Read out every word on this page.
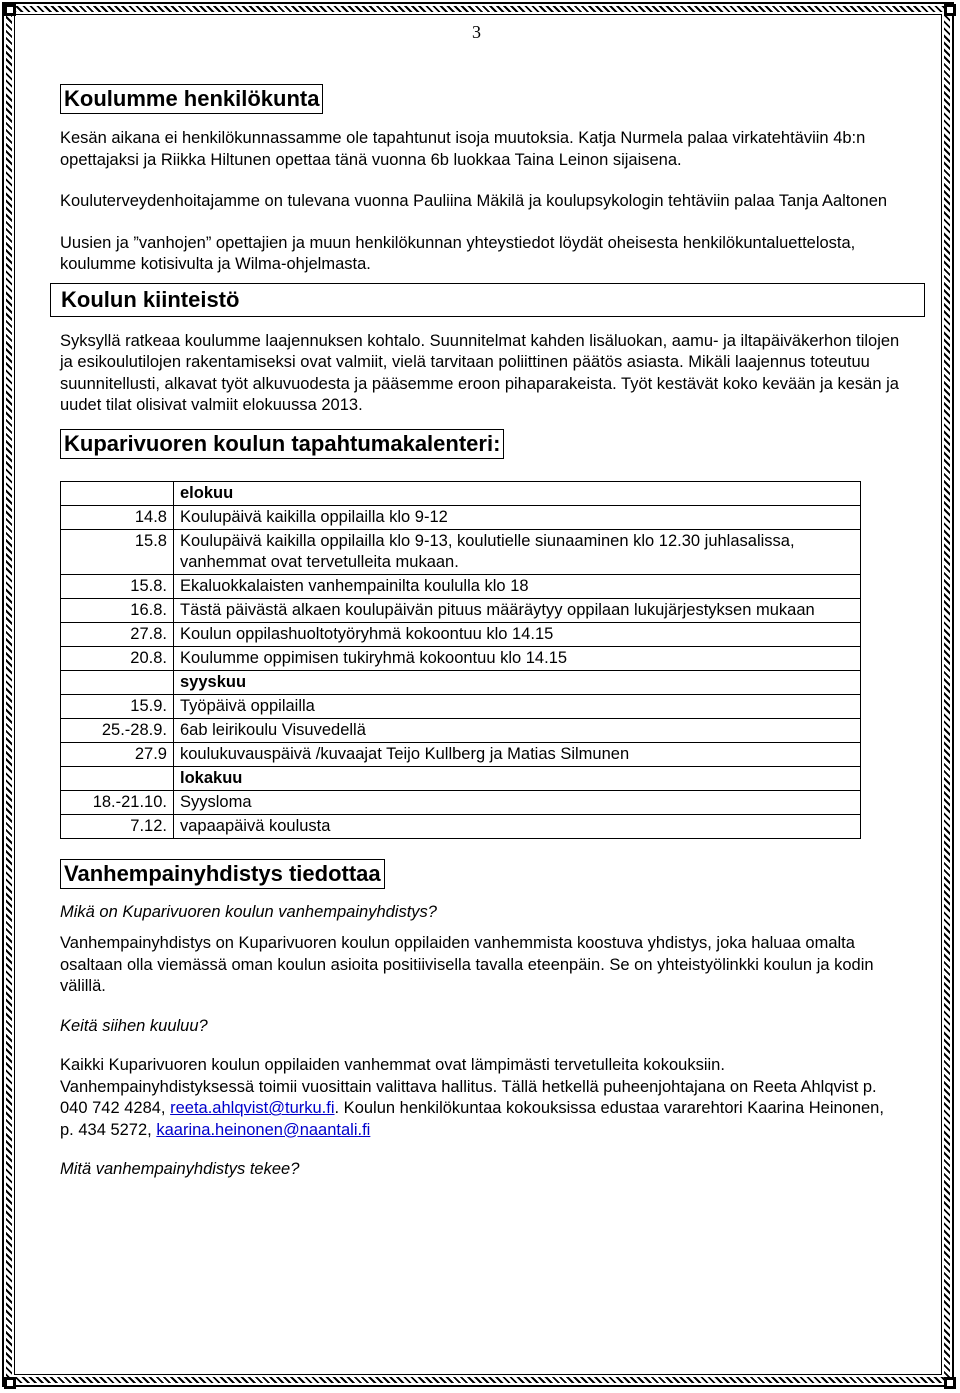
3
Koulumme henkilökunta

Kesän aikana ei henkilökunnassamme ole tapahtunut isoja muutoksia. Katja Nurmela palaa virkatehtäviin 4b:n opettajaksi ja Riikka Hiltunen opettaa tänä vuonna 6b luokkaa Taina Leinon sijaisena.

Kouluterveydenhoitajamme on tulevana vuonna Pauliina Mäkilä ja koulupsykologin tehtäviin palaa Tanja Aaltonen

Uusien ja ”vanhojen” opettajien ja muun henkilökunnan yhteystiedot löydät oheisesta henkilökuntaluettelosta, koulumme kotisivulta ja Wilma-ohjelmasta.

Koulun kiinteistö

Syksyllä ratkeaa koulumme laajennuksen kohtalo. Suunnitelmat kahden lisäluokan, aamu- ja iltapäiväkerhon tilojen ja esikoulutilojen rakentamiseksi ovat valmiit, vielä tarvitaan poliittinen päätös asiasta. Mikäli laajennus toteutuu suunnitellusti, alkavat työt alkuvuodesta ja pääsemme eroon pihaparakeista. Työt kestävät koko kevään ja kesän ja uudet tilat olisivat valmiit elokuussa 2013.

Kuparivuoren koulun tapahtumakalenteri:
	elokuu
14.8	Koulupäivä kaikilla oppilailla klo 9-12
15.8	Koulupäivä kaikilla oppilailla klo 9-13, koulutielle siunaaminen klo 12.30 juhlasalissa, vanhemmat ovat tervetulleita mukaan.
15.8.	Ekaluokkalaisten vanhempainilta koululla klo 18
16.8.	Tästä päivästä alkaen koulupäivän pituus määräytyy oppilaan lukujärjestyksen mukaan
27.8.	Koulun oppilashuoltotyöryhmä kokoontuu klo 14.15
20.8.	Koulumme oppimisen tukiryhmä kokoontuu klo 14.15
	syyskuu
15.9.	Työpäivä oppilailla
25.-28.9.	6ab leirikoulu Visuvedellä
27.9	koulukuvauspäivä /kuvaajat Teijo Kullberg ja Matias Silmunen
	lokakuu
18.-21.10.	Syysloma
7.12.	vapaapäivä koulusta
Vanhempainyhdistys tiedottaa

Mikä on Kuparivuoren koulun vanhempainyhdistys?

Vanhempainyhdistys on Kuparivuoren koulun oppilaiden vanhemmista koostuva yhdistys, joka haluaa omalta osaltaan olla viemässä oman koulun asioita positiivisella tavalla eteenpäin. Se on yhteistyölinkki koulun ja kodin välillä.

Keitä siihen kuuluu?

Kaikki Kuparivuoren koulun oppilaiden vanhemmat ovat lämpimästi tervetulleita kokouksiin. Vanhempainyhdistyksessä toimii vuosittain valittava hallitus. Tällä hetkellä puheenjohtajana on Reeta Ahlqvist p. 040 742 4284, reeta.ahlqvist@turku.fi. Koulun henkilökuntaa kokouksissa edustaa vararehtori Kaarina Heinonen, p. 434 5272, kaarina.heinonen@naantali.fi

Mitä vanhempainyhdistys tekee?
